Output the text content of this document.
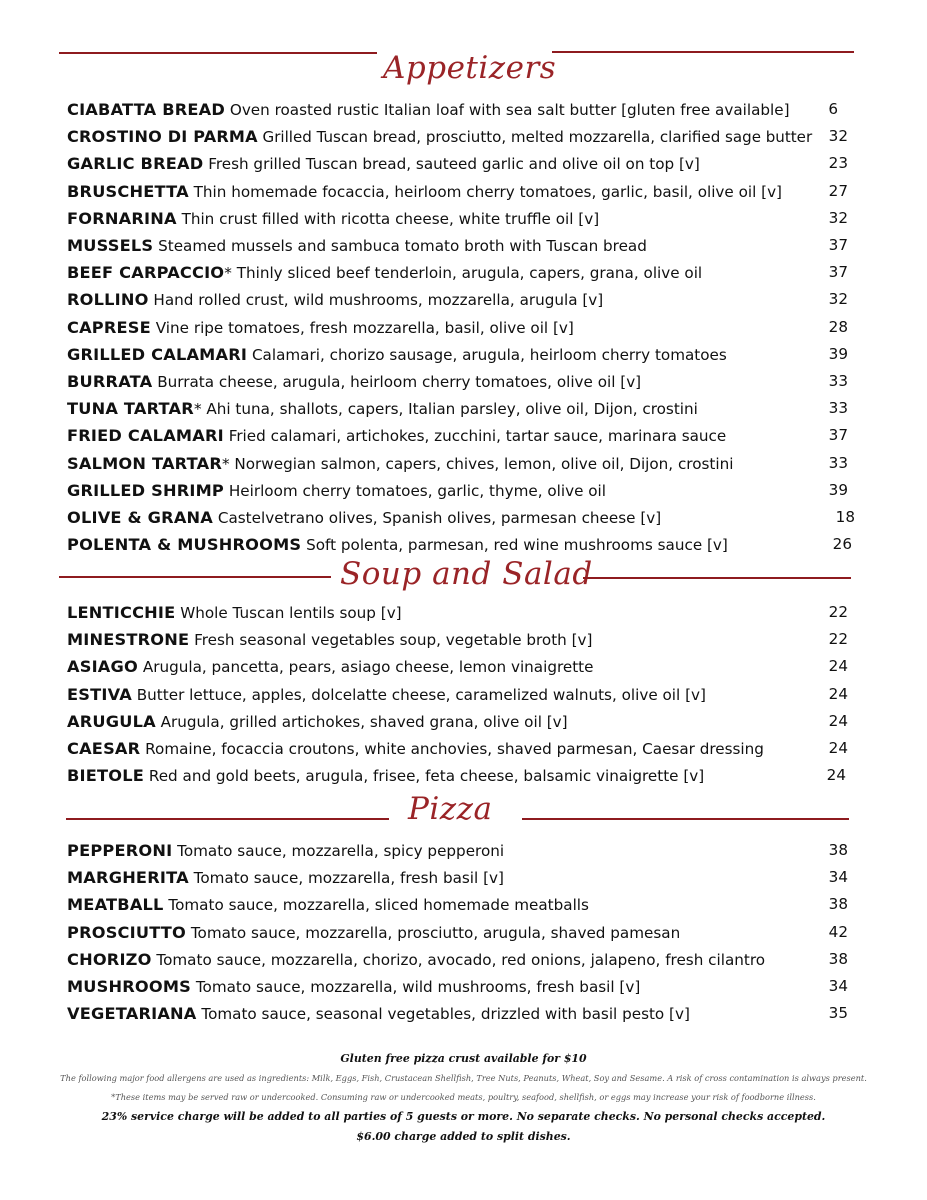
Appetizers
CIABATTA BREAD Oven roasted rustic Italian loaf with sea salt butter [gluten free available]	6
CROSTINO DI PARMA Grilled Tuscan bread, prosciutto, melted mozzarella, clarified sage butter	32
GARLIC BREAD Fresh grilled Tuscan bread, sauteed garlic and olive oil on top [v]	23
BRUSCHETTA Thin homemade focaccia, heirloom cherry tomatoes, garlic, basil, olive oil [v]	27
FORNARINA Thin crust filled with ricotta cheese, white truffle oil [v]	32
MUSSELS Steamed mussels and sambuca tomato broth with Tuscan bread	37
BEEF CARPACCIO* Thinly sliced beef tenderloin, arugula, capers, grana, olive oil	37
ROLLINO Hand rolled crust, wild mushrooms, mozzarella, arugula [v]	32
CAPRESE Vine ripe tomatoes, fresh mozzarella, basil, olive oil [v]	28
GRILLED CALAMARI Calamari, chorizo sausage, arugula, heirloom cherry tomatoes	39
BURRATA Burrata cheese, arugula, heirloom cherry tomatoes, olive oil [v]	33
TUNA TARTAR* Ahi tuna, shallots, capers, Italian parsley, olive oil, Dijon, crostini	33
FRIED CALAMARI Fried calamari, artichokes, zucchini, tartar sauce, marinara sauce	37
SALMON TARTAR* Norwegian salmon, capers, chives, lemon, olive oil, Dijon, crostini	33
GRILLED SHRIMP Heirloom cherry tomatoes, garlic, thyme, olive oil	39
OLIVE & GRANA Castelvetrano olives, Spanish olives, parmesan cheese [v]	18
POLENTA & MUSHROOMS Soft polenta, parmesan, red wine mushrooms sauce [v]	26
Soup and Salad
LENTICCHIE Whole Tuscan lentils soup [v]	22
MINESTRONE Fresh seasonal vegetables soup, vegetable broth [v]	22
ASIAGO Arugula, pancetta, pears, asiago cheese, lemon vinaigrette	24
ESTIVA Butter lettuce, apples, dolcelatte cheese, caramelized walnuts, olive oil [v]	24
ARUGULA Arugula, grilled artichokes, shaved grana, olive oil [v]	24
CAESAR Romaine, focaccia croutons, white anchovies, shaved parmesan, Caesar dressing	24
BIETOLE Red and gold beets, arugula, frisee, feta cheese, balsamic vinaigrette [v]	24
Pizza
PEPPERONI Tomato sauce, mozzarella, spicy pepperoni	38
MARGHERITA Tomato sauce, mozzarella, fresh basil [v]	34
MEATBALL Tomato sauce, mozzarella, sliced homemade meatballs	38
PROSCIUTTO Tomato sauce, mozzarella, prosciutto, arugula, shaved pamesan	42
CHORIZO Tomato sauce, mozzarella, chorizo, avocado, red onions, jalapeno, fresh cilantro	38
MUSHROOMS Tomato sauce, mozzarella, wild mushrooms, fresh basil [v]	34
VEGETARIANA Tomato sauce, seasonal vegetables, drizzled with basil pesto [v]	35
Gluten free pizza crust available for $10
The following major food allergens are used as ingredients: Milk, Eggs, Fish, Crustacean Shellfish, Tree Nuts, Peanuts, Wheat, Soy and Sesame. A risk of cross contamination is always present.
*These items may be served raw or undercooked. Consuming raw or undercooked meats, poultry, seafood, shellfish, or eggs may increase your risk of foodborne illness.
23% service charge will be added to all parties of 5 guests or more. No separate checks. No personal checks accepted.
$6.00 charge added to split dishes.
